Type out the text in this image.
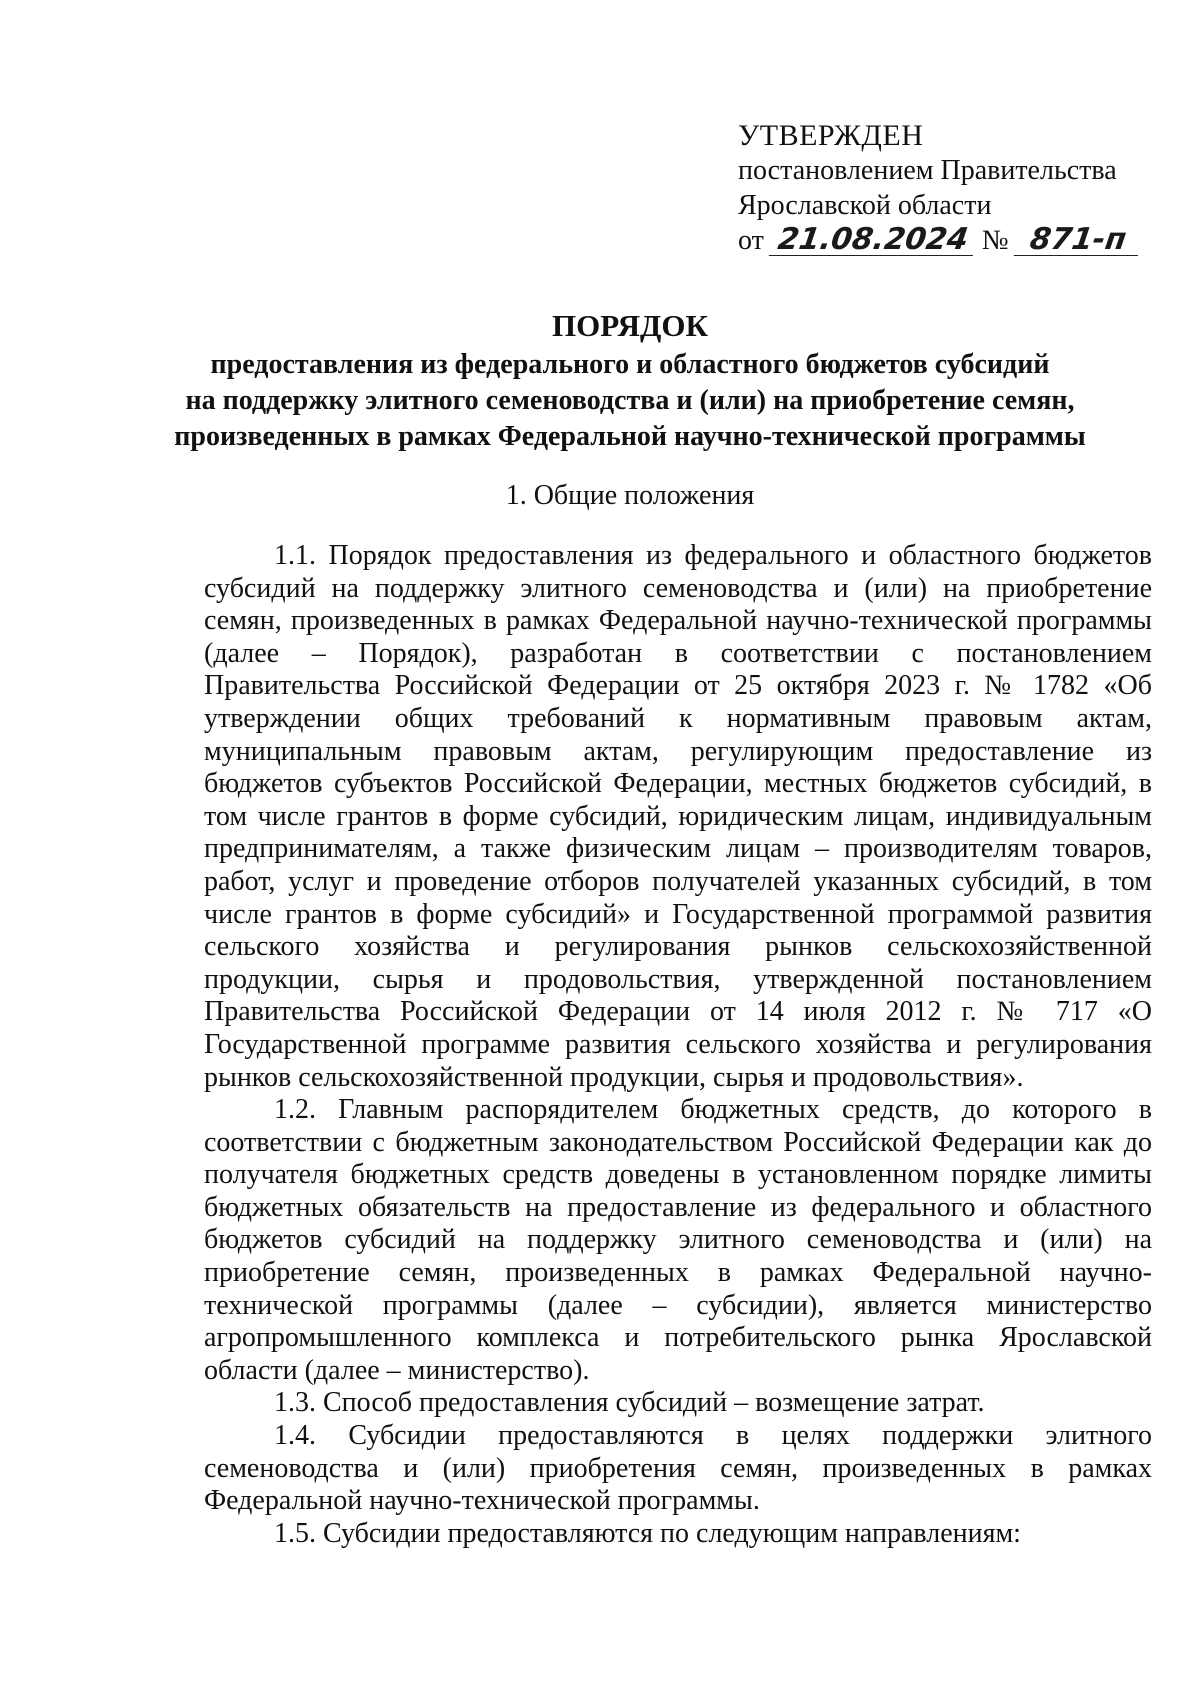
УТВЕРЖДЕН
постановлением Правительства
Ярославской области
от 21.08.2024 № 871-п
ПОРЯДОК
предоставления из федерального и областного бюджетов субсидий
на поддержку элитного семеноводства и (или) на приобретение семян,
произведенных в рамках Федеральной научно-технической программы
1. Общие положения

1.1. Порядок предоставления из федерального и областного бюджетов субсидий на поддержку элитного семеноводства и (или) на приобретение семян, произведенных в рамках Федеральной научно-технической программы (далее – Порядок), разработан в соответствии с постановлением Правительства Российской Федерации от 25 октября 2023 г. № 1782 «Об утверждении общих требований к нормативным правовым актам, муниципальным правовым актам, регулирующим предоставление из бюджетов субъектов Российской Федерации, местных бюджетов субсидий, в том числе грантов в форме субсидий, юридическим лицам, индивидуальным предпринимателям, а также физическим лицам – производителям товаров, работ, услуг и проведение отборов получателей указанных субсидий, в том числе грантов в форме субсидий» и Государственной программой развития сельского хозяйства и регулирования рынков сельскохозяйственной продукции, сырья и продовольствия, утвержденной постановлением Правительства Российской Федерации от 14 июля 2012 г. № 717 «О Государственной программе развития сельского хозяйства и регулирования рынков сельскохозяйственной продукции, сырья и продовольствия».

1.2. Главным распорядителем бюджетных средств, до которого в соответствии с бюджетным законодательством Российской Федерации как до получателя бюджетных средств доведены в установленном порядке лимиты бюджетных обязательств на предоставление из федерального и областного бюджетов субсидий на поддержку элитного семеноводства и (или) на приобретение семян, произведенных в рамках Федеральной научно-технической программы (далее – субсидии), является министерство агропромышленного комплекса и потребительского рынка Ярославской области (далее – министерство).

1.3. Способ предоставления субсидий – возмещение затрат.

1.4. Субсидии предоставляются в целях поддержки элитного семеноводства и (или) приобретения семян, произведенных в рамках Федеральной научно-технической программы.

1.5. Субсидии предоставляются по следующим направлениям:
